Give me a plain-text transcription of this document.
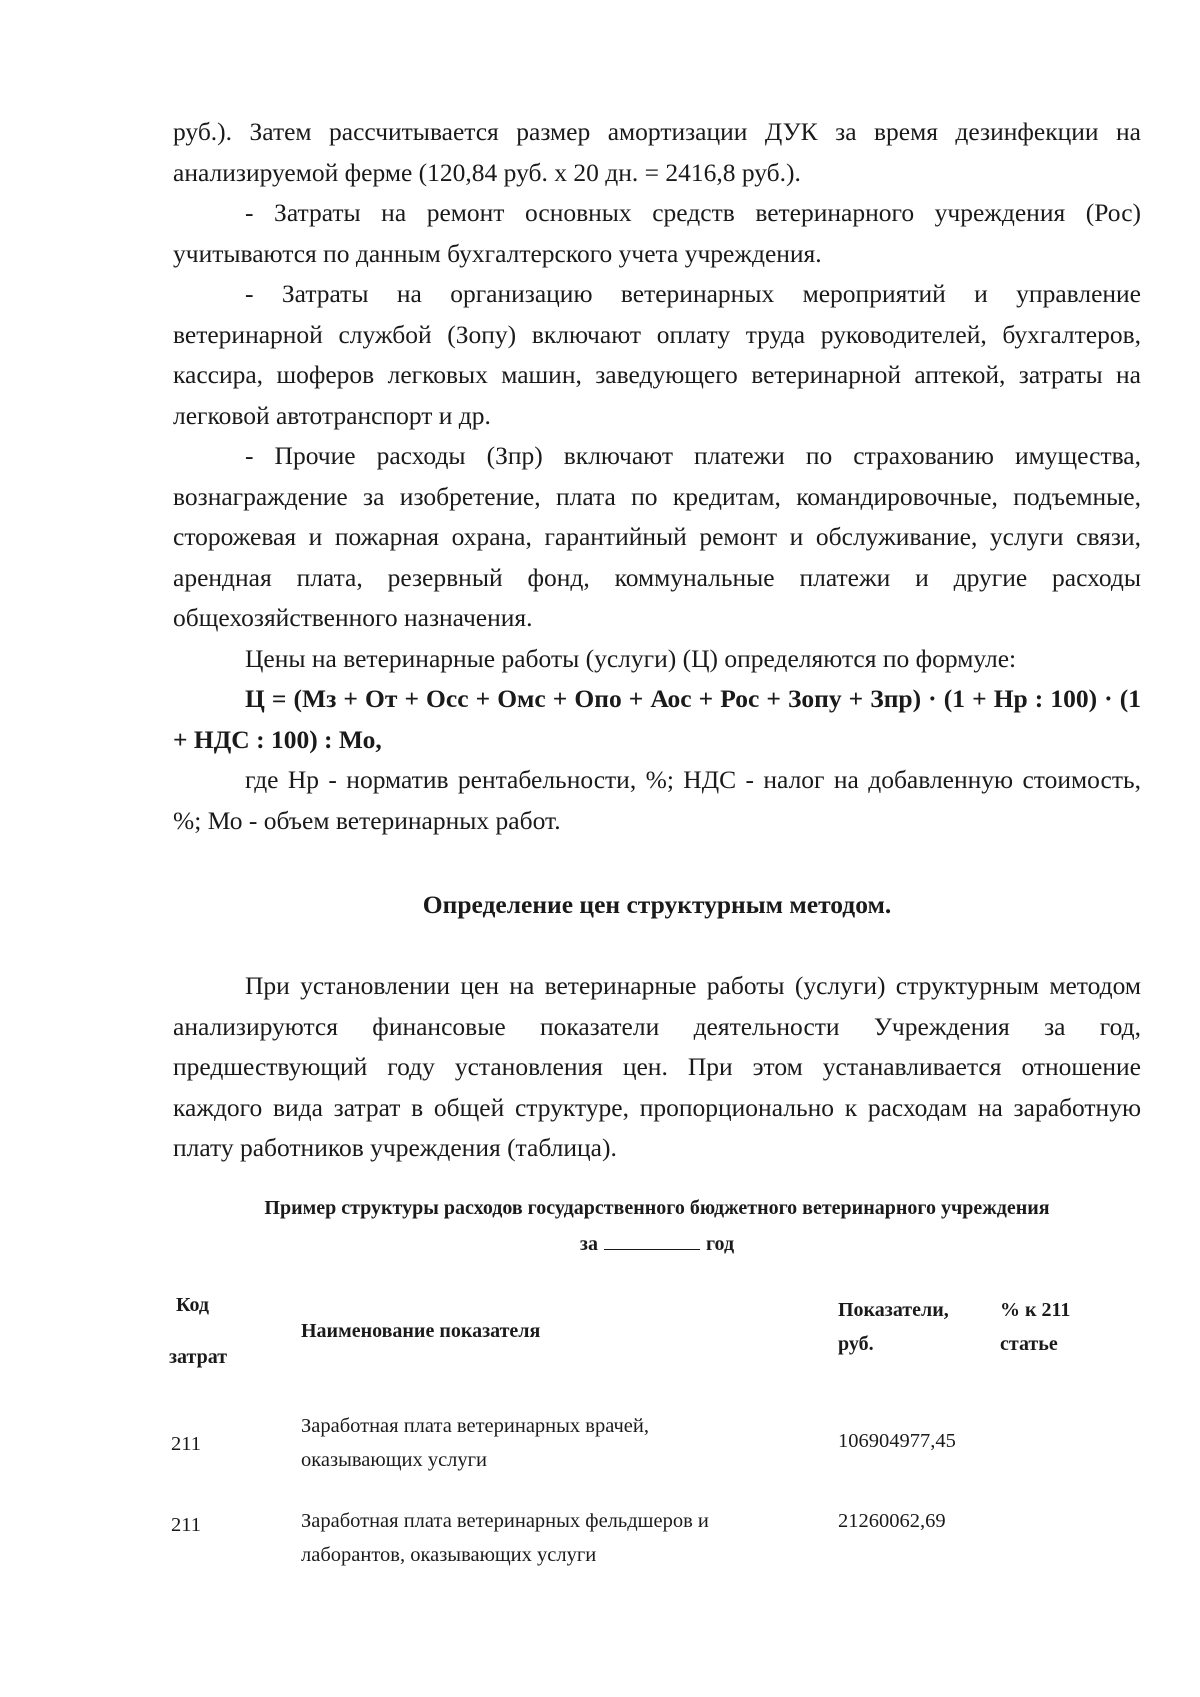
руб.). Затем рассчитывается размер амортизации ДУК за время дезинфекции на анализируемой ферме (120,84 руб. х 20 дн. = 2416,8 руб.).

- Затраты на ремонт основных средств ветеринарного учреждения (Рос) учитываются по данным бухгалтерского учета учреждения.

- Затраты на организацию ветеринарных мероприятий и управление ветеринарной службой (Зопу) включают оплату труда руководителей, бухгалтеров, кассира, шоферов легковых машин, заведующего ветеринарной аптекой, затраты на легковой автотранспорт и др.

- Прочие расходы (Зпр) включают платежи по страхованию имущества, вознаграждение за изобретение, плата по кредитам, командировочные, подъемные, сторожевая и пожарная охрана, гарантийный ремонт и обслуживание, услуги связи, арендная плата, резервный фонд, коммунальные платежи и другие расходы общехозяйственного назначения.

Цены на ветеринарные работы (услуги) (Ц) определяются по формуле:

Ц = (Мз + От + Осс + Омс + Опо + Аос + Рос + Зопу + Зпр) · (1 + Нр : 100) · (1 + НДС : 100) : Мо,

где Нр - норматив рентабельности, %; НДС - налог на добавленную стоимость, %; Мо - объем ветеринарных работ.

Определение цен структурным методом.

При установлении цен на ветеринарные работы (услуги) структурным методом анализируются финансовые показатели деятельности Учреждения за год, предшествующий году установления цен. При этом устанавливается отношение каждого вида затрат в общей структуре, пропорционально к расходам на заработную плату работников учреждения (таблица).

Пример структуры расходов государственного бюджетного ветеринарного учреждения
за	год
Код
затрат
Наименование показателя
Показатели,
руб.
% к 211
статье
211
Заработная плата ветеринарных врачей,
оказывающих услуги
106904977,45
211	Заработная плата ветеринарных фельдшеров и
лаборантов, оказывающих услуги
21260062,69
